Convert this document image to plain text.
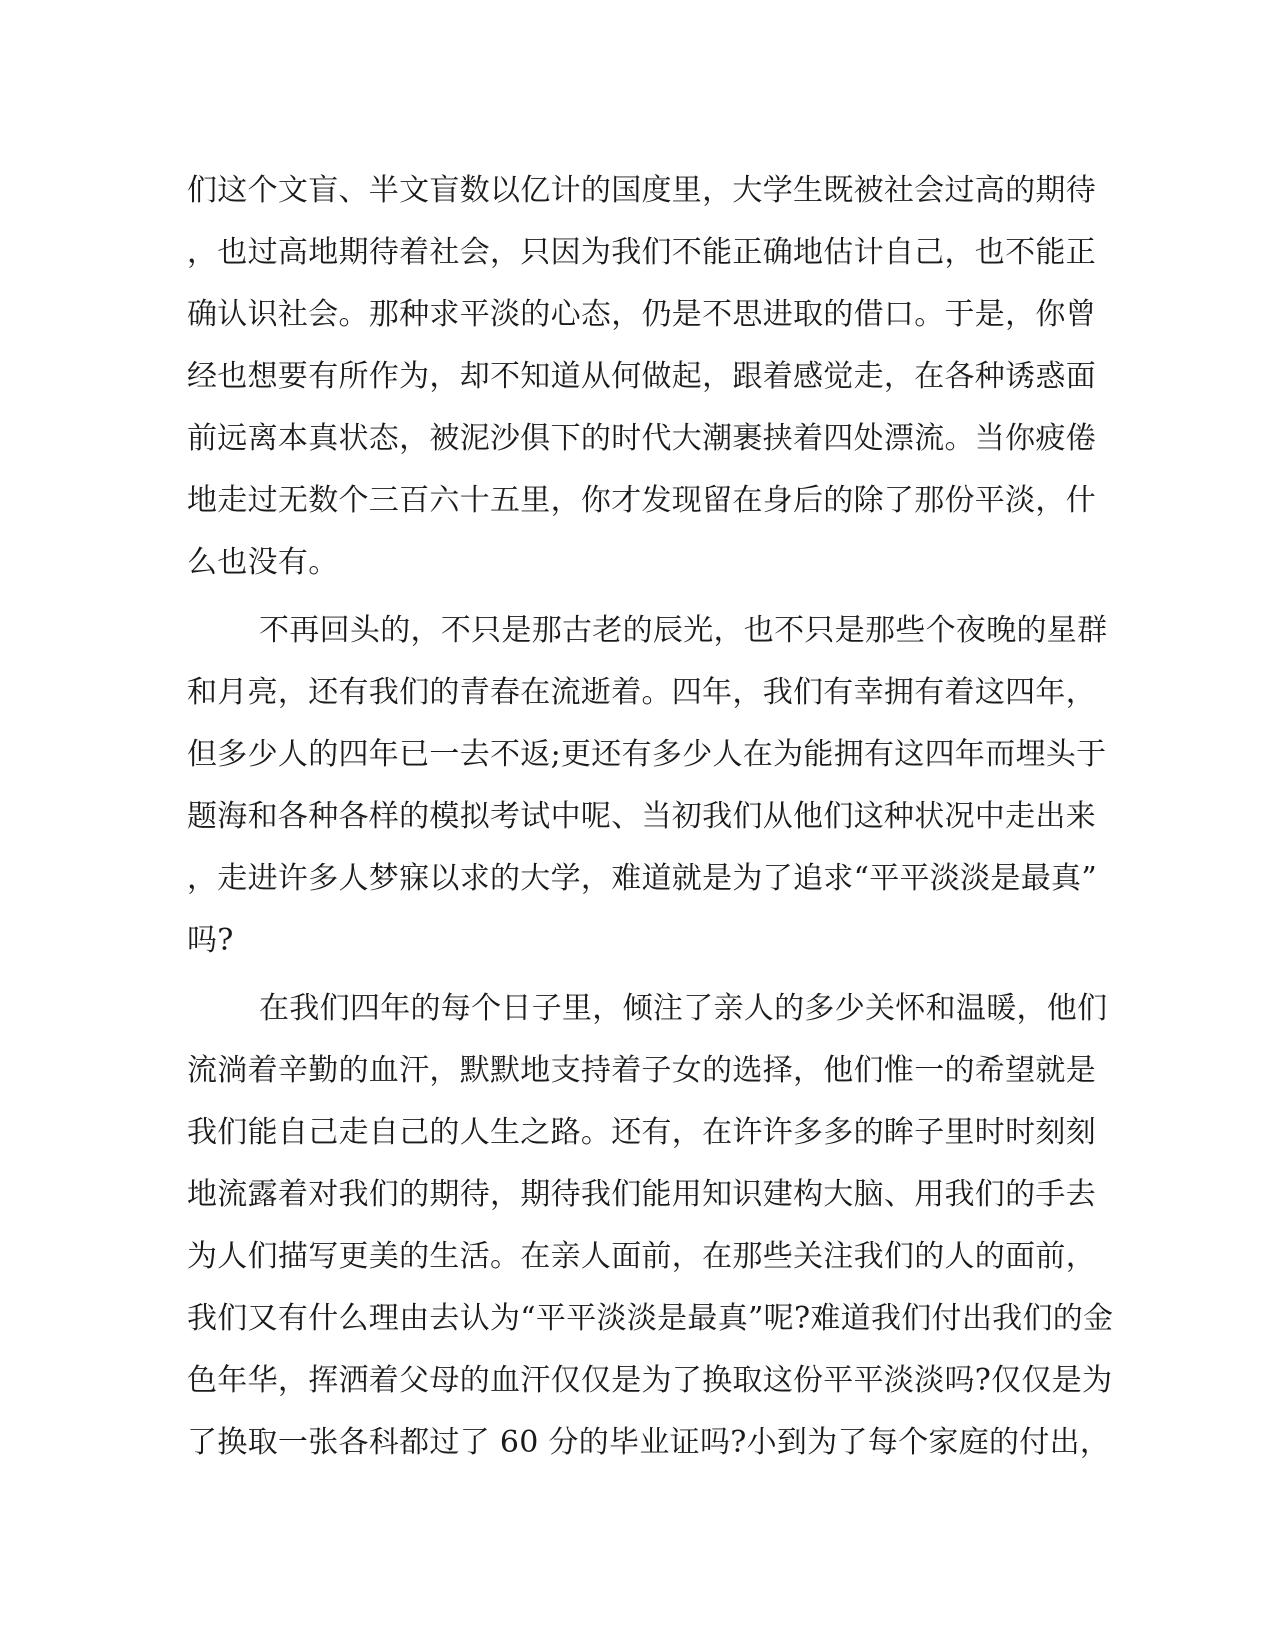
们这个文盲、半文盲数以亿计的国度里，大学生既被社会过高的期待
，也过高地期待着社会，只因为我们不能正确地估计自己，也不能正
确认识社会。那种求平淡的心态，仍是不思进取的借口。于是，你曾
经也想要有所作为，却不知道从何做起，跟着感觉走，在各种诱惑面
前远离本真状态，被泥沙俱下的时代大潮裹挟着四处漂流。当你疲倦
地走过无数个三百六十五里，你才发现留在身后的除了那份平淡，什
么也没有。
不再回头的，不只是那古老的辰光，也不只是那些个夜晚的星群
和月亮，还有我们的青春在流逝着。四年，我们有幸拥有着这四年，
但多少人的四年已一去不返;更还有多少人在为能拥有这四年而埋头于
题海和各种各样的模拟考试中呢、当初我们从他们这种状况中走出来
，走进许多人梦寐以求的大学，难道就是为了追求“平平淡淡是最真”
吗?
在我们四年的每个日子里，倾注了亲人的多少关怀和温暖，他们
流淌着辛勤的血汗，默默地支持着子女的选择，他们惟一的希望就是
我们能自己走自己的人生之路。还有，在许许多多的眸子里时时刻刻
地流露着对我们的期待，期待我们能用知识建构大脑、用我们的手去
为人们描写更美的生活。在亲人面前，在那些关注我们的人的面前，
我们又有什么理由去认为“平平淡淡是最真”呢?难道我们付出我们的金
色年华，挥洒着父母的血汗仅仅是为了换取这份平平淡淡吗?仅仅是为
了换取一张各科都过了 60 分的毕业证吗?小到为了每个家庭的付出，
